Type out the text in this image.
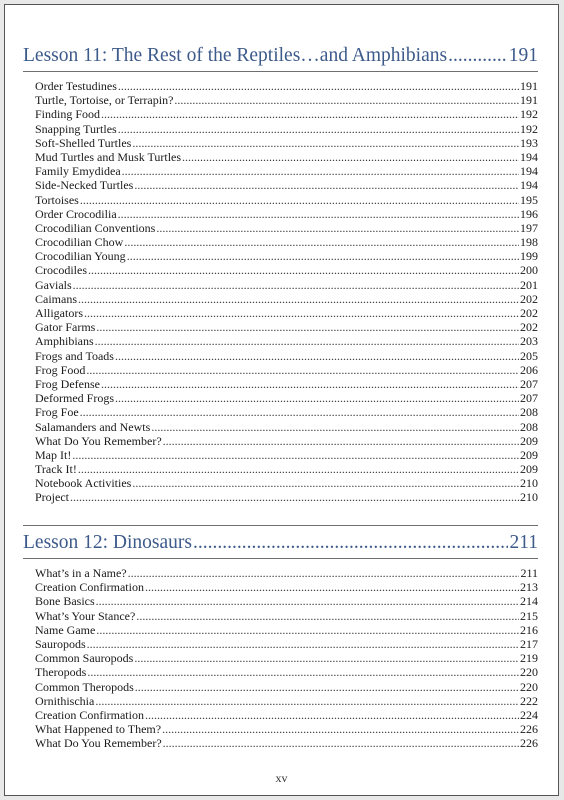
Lesson 11: The Rest of the Reptiles…and Amphibians .....	191
Order Testudines .....	191
Turtle, Tortoise, or Terrapin? .....	191
Finding Food .....	192
Snapping Turtles .....	192
Soft-Shelled Turtles .....	193
Mud Turtles and Musk Turtles .....	194
Family Emydidea .....	194
Side-Necked Turtles .....	194
Tortoises .....	195
Order Crocodilia .....	196
Crocodilian Conventions .....	197
Crocodilian Chow .....	198
Crocodilian Young .....	199
Crocodiles .....	200
Gavials .....	201
Caimans .....	202
Alligators .....	202
Gator Farms .....	202
Amphibians .....	203
Frogs and Toads .....	205
Frog Food .....	206
Frog Defense .....	207
Deformed Frogs .....	207
Frog Foe .....	208
Salamanders and Newts .....	208
What Do You Remember? .....	209
Map It! .....	209
Track It! .....	209
Notebook Activities .....	210
Project .....	210
Lesson 12: Dinosaurs .....	211
What’s in a Name? .....	211
Creation Confirmation .....	213
Bone Basics .....	214
What’s Your Stance? .....	215
Name Game .....	216
Sauropods .....	217
Common Sauropods .....	219
Theropods .....	220
Common Theropods .....	220
Ornithischia .....	222
Creation Confirmation .....	224
What Happened to Them? .....	226
What Do You Remember? .....	226
xv
